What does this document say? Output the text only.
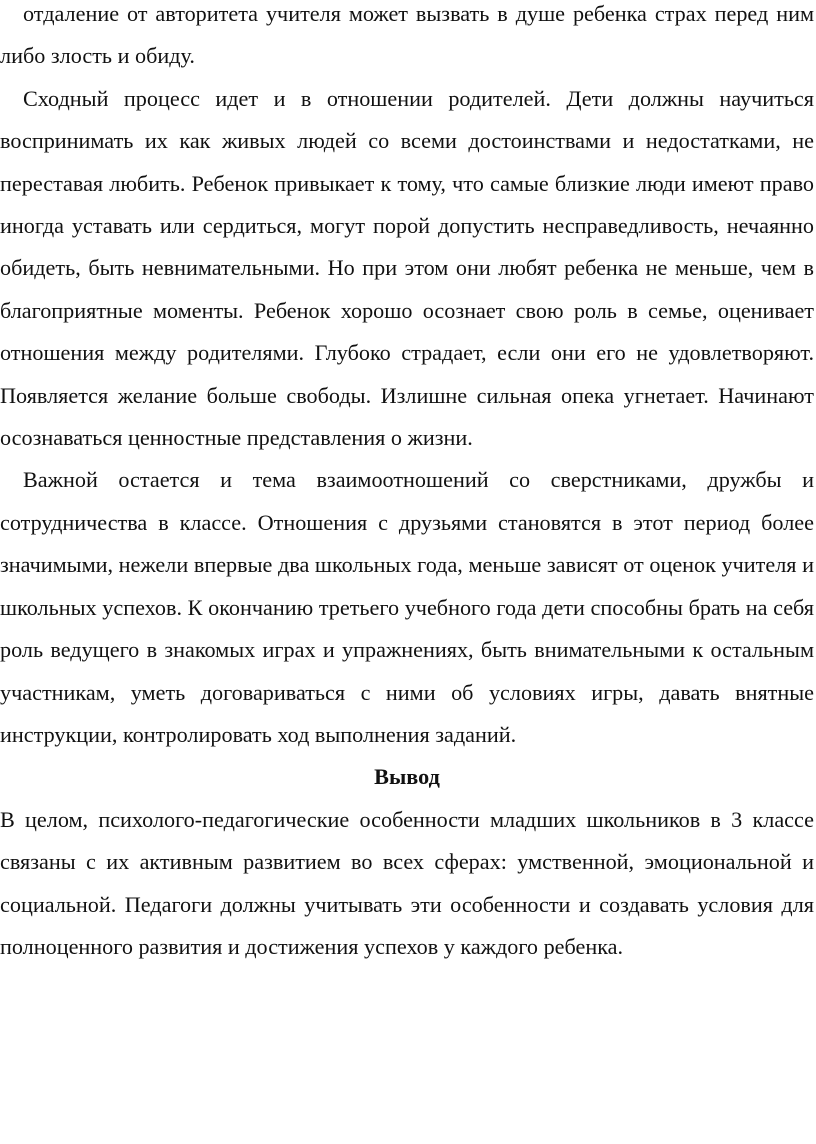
отдаление от авторитета учителя может вызвать в душе ребенка страх перед ним либо злость и обиду.

Сходный процесс идет и в отношении родителей. Дети должны научиться воспринимать их как живых людей со всеми достоинствами и недостатками, не переставая любить. Ребенок привыкает к тому, что самые близкие люди имеют право иногда уставать или сердиться, могут порой допустить несправедливость, нечаянно обидеть, быть невнимательными. Но при этом они любят ребенка не меньше, чем в благоприятные моменты. Ребенок хорошо осознает свою роль в семье, оценивает отношения между родителями. Глубоко страдает, если они его не удовлетворяют. Появляется желание больше свободы. Излишне сильная опека угнетает. Начинают осознаваться ценностные представления о жизни.

Важной остается и тема взаимоотношений со сверстниками, дружбы и сотрудничества в классе. Отношения с друзьями становятся в этот период более значимыми, нежели впервые два школьных года, меньше зависят от оценок учителя и школьных успехов. К окончанию третьего учебного года дети способны брать на себя роль ведущего в знакомых играх и упражнениях, быть внимательными к остальным участникам, уметь договариваться с ними об условиях игры, давать внятные инструкции, контролировать ход выполнения заданий.

Вывод

В целом, психолого-педагогические особенности младших школьников в 3 классе связаны с их активным развитием во всех сферах: умственной, эмоциональной и социальной. Педагоги должны учитывать эти особенности и создавать условия для полноценного развития и достижения успехов у каждого ребенка.
